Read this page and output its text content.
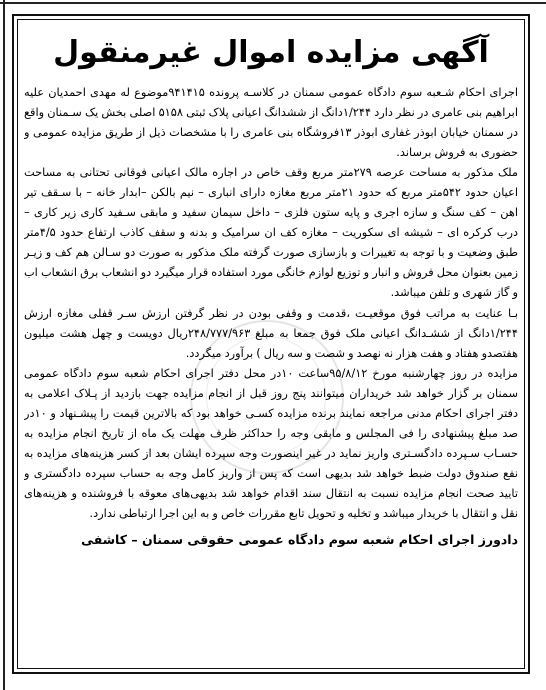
آگهی مزایده اموال غیرمنقول

اجرای احکام شـعبه سوم دادگاه عمومی سمنان در کلاسـه پرونده ۹۴۱۴۱۵موضوع له مهدی احمدیان علیه ابراهیم بنی عامری در نظر دارد ۱/۲۴۴دانگ از ششدانگ اعیانی پلاک ثبتی ۵۱۵۸ اصلی بخش یک سـمنان واقع در سمنان خیابان ابوذر غفاری ابوذر ۱۳فروشگاه بنی عامری را با مشخصات ذیل از طریق مزایده عمومی و حضوری به فروش برساند.

ملک مذکور به مساحت عرصه ۲۷۹متر مربع وقف خاص در اجاره مالک اعیانی فوقانی تحتانی به مساحت اعیان حدود ۵۴۲متر مربع که حدود ۲۱متر مربع مغازه دارای انباری – نیم بالکن –ابدار خانه – با سـقف تیر اهن – کف سنگ و سازه اجری و پایه ستون فلزی – داخل سیمان سفید و مابقی سـفید کاری زیر کاری – درب کرکره ای – شیشه ای سکوریت – مغازه کف ان سرامیک و بدنه و سقف کاذب ارتفاع حدود ۴/۵متر طبق وضعیت و با توجه به تغییرات و بازسازی صورت گرفته ملک مذکور به صورت دو سـالن هم کف و زیـر زمین بعنوان محل فروش و انبار و توزیع لوازم خانگی مورد استفاده قرار میگیرد دو انشعاب برق انشعاب اب و گاز شهری و تلفن میباشد.

بـا عنایت به مراتب فوق موقعیـت ،قدمت و وقفی بودن در نظر گرفتن ارزش سـر قفلی مغازه ارزش ۱/۲۴۴دانگ از ششـدانگ اعیانی ملک فوق جمعا به مبلغ ۲۴۸/۷۷۷/۹۶۳ریال دویست و چهل هشت میلیون هفتصدو هفتاد و هفت هزار نه نهصد و شصت و سه ریال ) برآورد میگردد.

مزایده در روز چهارشنبه مورخ ۹۵/۸/۱۲ساعت ۱۰در محل دفتر اجرای احکام شعبه سوم دادگاه عمومی سمنان بر گزار خواهد شد خریداران میتوانند پنج روز قبل از انجام مزایده جهت بازدید از پـلاک اعلامی به دفتر اجرای احکام مدنی مراجعه نمایند برنده مزایده کسـی خواهد بود که بالاترین قیمت را پیشـنهاد و ۱۰در صد مبلغ پیشنهادی را فی المجلس و مابقی وجه را حداکثر ظرف مهلت یک ماه از تاریخ انجام مزایده به حسـاب سـپرده دادگسـتری واریز نماید در غیر اینصورت وجه سپرده ایشان بعد از کسر هزینه‌های مزایده به نفع صندوق دولت ضبط خواهد شد بدیهی است که پس از واریز کامل وجه به حساب سپرده دادگستری و تایید صحت انجام مزایده نسبت به انتقال سند اقدام خواهد شد بدیهی‌های معوقه با فروشنده و هزینه‌های نقل و انتقال با خریدار میباشد و تخلیه و تحویل تابع مقررات خاص و به این اجرا ارتباطی ندارد.

دادورز اجرای احکام شعبه سوم دادگاه عمومی حقوقی سمنان – کاشفی
